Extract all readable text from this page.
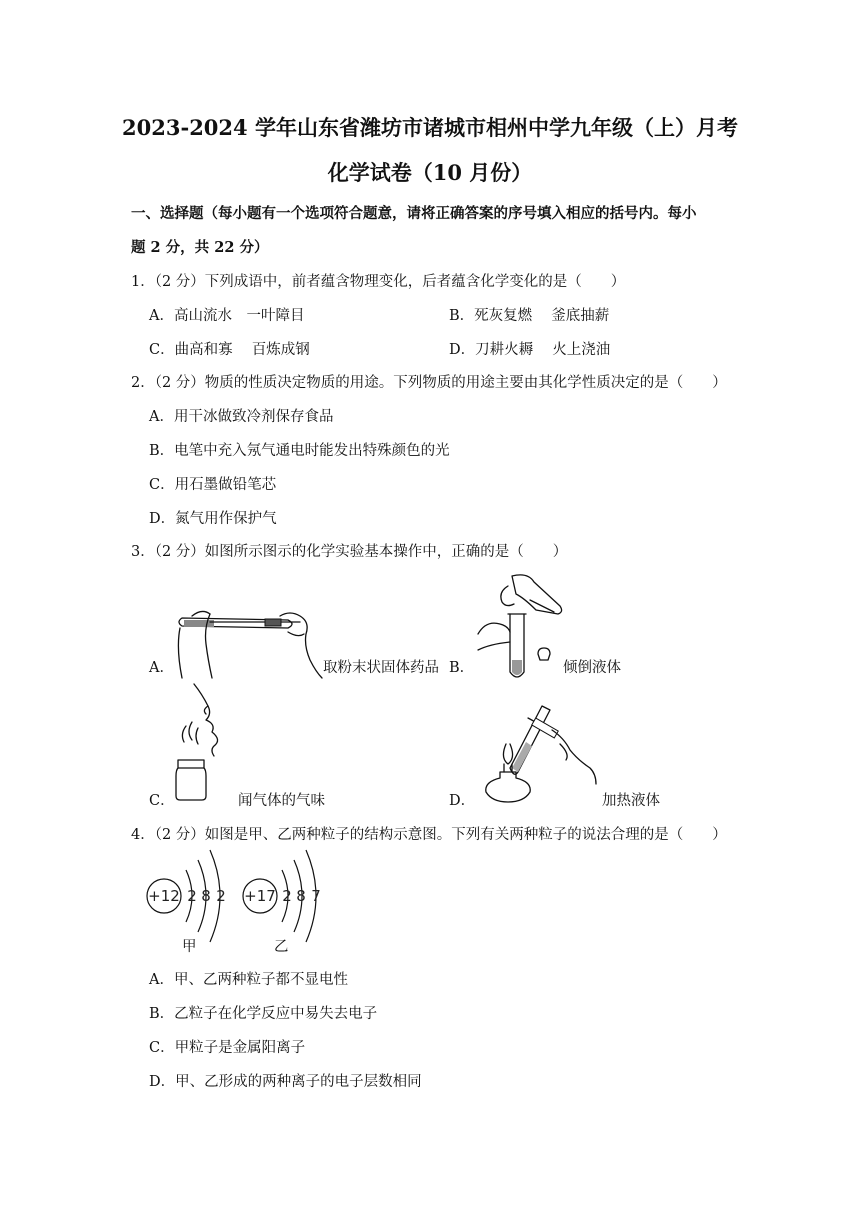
2023-2024 学年山东省潍坊市诸城市相州中学九年级（上）月考
化学试卷（10 月份）
一、选择题（每小题有一个选项符合题意，请将正确答案的序号填入相应的括号内。每小
题 2 分，共 22 分）
1．（2 分）下列成语中，前者蕴含物理变化，后者蕴含化学变化的是（　　）
A．高山流水　一叶障目	B．死灰复燃　 釜底抽薪
C．曲高和寡　 百炼成钢	D．刀耕火耨　 火上浇油
2．（2 分）物质的性质决定物质的用途。下列物质的用途主要由其化学性质决定的是（　　）
A．用干冰做致冷剂保存食品
B．电笔中充入氖气通电时能发出特殊颜色的光
C．用石墨做铅笔芯
D．氮气用作保护气
3．（2 分）如图所示图示的化学实验基本操作中，正确的是（　　）
A．	取粉末状固体药品 B．	倾倒液体
C．	闻气体的气味	D．	加热液体
4．（2 分）如图是甲、乙两种粒子的结构示意图。下列有关两种粒子的说法合理的是（　　）
+12 2 8 2 +17 2 8 7
甲	乙
A．甲、乙两种粒子都不显电性
B．乙粒子在化学反应中易失去电子
C．甲粒子是金属阳离子
D．甲、乙形成的两种离子的电子层数相同
